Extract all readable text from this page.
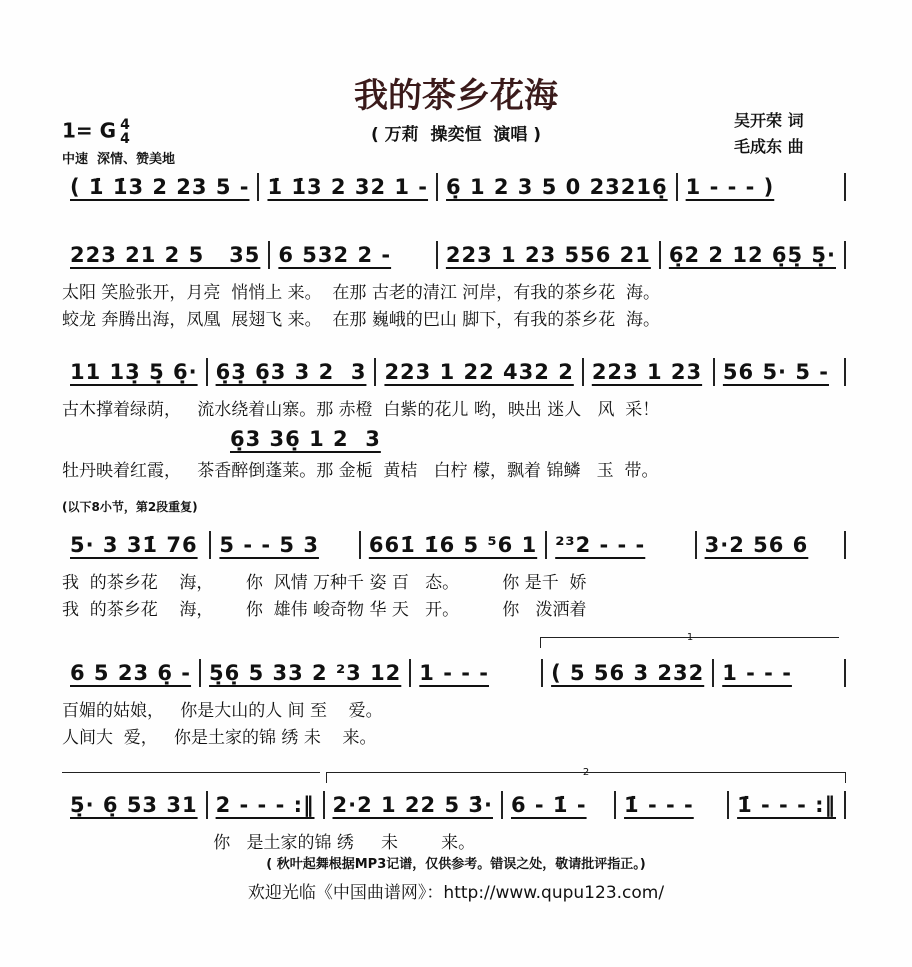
我的茶乡花海
( 万莉  操奕恒  演唱 )
1= G 4
4
中速  深情、赞美地
吴开荣 词
毛成东 曲
( 1̇ 1̇3 2 23 5 - 1̇ 1̇3 2 32 1 - 6̣ 1 2 3 5 0 23216̣ 1 - - - )
223 21 2 5   35 6 532 2 -	223 1 23 556 21 6̣2 2 12 6̣5̣ 5̣·
太阳 笑脸张开，月亮  悄悄上 来。  在那 古老的清江 河岸，有我的茶乡花  海。
蛟龙 奔腾出海，凤凰  展翅飞 来。  在那 巍峨的巴山 脚下，有我的茶乡花  海。
11 13̣ 5̣ 6̣· 6̣3̣ 6̣3 3 2  3 223 1 22 432 2 223 1 23 56 5· 5 -
古木撑着绿荫，   流水绕着山寨。那 赤橙  白紫的花儿 哟，映出 迷人   风  采！
5· 3 31̇ 76	5 - - 5 3	661̇ 1̇6 5 ⁵6 1 ²³2 - - -	3·2 56 6
我  的茶乡花    海，      你  风情 万种千 姿 百   态。        你 是千  娇
我  的茶乡花    海，      你  雄伟 峻奇物 华 天   开。        你   泼洒着
6 5 23 6̣ - 5̣6̣ 5 33 2 ²3 12 1 - - -	( 5 56 3 232 1 - - -
百媚的姑娘，   你是大山的人 间 至    爱。
人间大  爱，   你是土家的锦 绣 未    来。
5̣· 6̣ 53 31 2 - - - :‖ 2·2 1 22 5 3̇· 6 - 1̇ -	1̇ - - -	1̇ - - - :‖
你   是土家的锦 绣     未        来。
6̣3 36̣ 1 2  3
牡丹映着红霞，   茶香醉倒蓬莱。那 金栀  黄桔   白柠 檬，飘着 锦鳞   玉  带。
(以下8小节，第2段重复)
1
2
( 秋叶起舞根据MP3记谱，仅供参考。错误之处，敬请批评指正。)
欢迎光临《中国曲谱网》：http://www.qupu123.com/
